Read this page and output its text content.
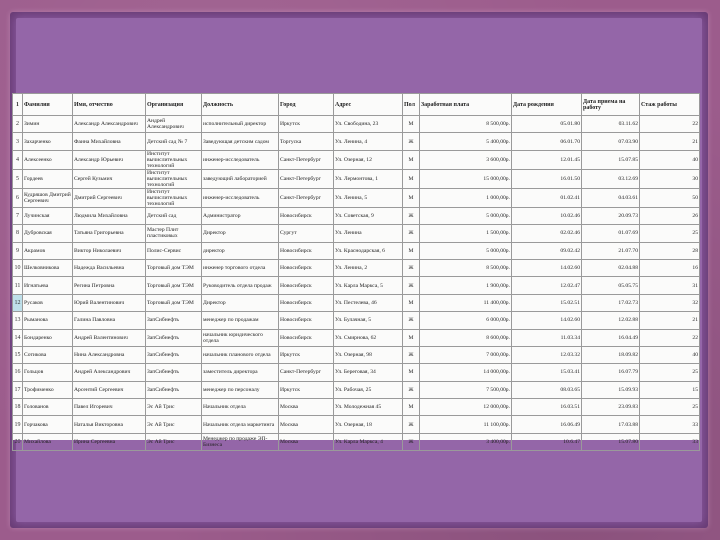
1	Фамилия	Имя, отчество	Организация	Должность	Город	Адрес	Пол	Заработная плата	Дата рождения	Дата приема на работу	Стаж работы
2	Зимин	Александр Александрович	Андрей Александрович	исполнительный директор	Иркутск	Ул. Свободина, 23	М	8 500,00р.	05.01.80	03.11.62	22
3	Захарченко	Фаина Михайловна	Детский сад № 7	Заведующая детским садом	Торгуска	Ул. Ленина, 4	Ж	5 400,00р.	06.01.70	07.03.90	21
4	Алексеенко	Александр Юрьевич	Институт вычислительных технологий	инженер-исследователь	Санкт-Петербург	Ул. Озерная, 12	М	3 600,00р.	12.01.45	15.07.85	40
5	Гордеев	Сергей Кузьмич	Институт вычислительных технологий	заведующий лабораторией	Санкт-Петербург	Ул. Лермонтова, 1	М	15 000,00р.	16.01.50	03.12.69	30
6	Кудряшов Дмитрий Сергеевич	Дмитрий Сергеевич	Институт вычислительных технологий	инженер-исследователь	Санкт-Петербург	Ул. Ленина, 5	М	1 000,00р.	01.02.41	04.03.61	50
7	Лучинская	Людмила Михайловна	Детский сад	Администратор	Новосибирск	Ул. Советская, 9	Ж	5 000,00р.	10.02.46	20.09.73	26
8	Дубровская	Татьяна Григорьевна	Мастер Плит пластиковых	Директор	Сургут	Ул. Ленина	Ж	1 500,00р.	02.02.46	01.07.69	25
9	Акрамов	Виктор Николаевич	Полис-Сервис	директор	Новосибирск	Ул. Краснодарская, 6	М	5 000,00р.	09.02.42	21.07.70	28
10	Шелковникова	Надежда Васильевна	Торговый дом ТЭМ	инженер торгового отдела	Новосибирск	Ул. Ленина, 2	Ж	8 500,00р.	14.02.60	02.04.88	16
11	Игнатьева	Регина Петровна	Торговый дом ТЭМ	Руководитель отдела продаж	Новосибирск	Ул. Карла Маркса, 5	Ж	1 900,00р.	12.02.47	05.05.75	31
12	Русаков	Юрий Валентинович	Торговый дом ТЭМ	Директор	Новосибирск	Ул. Пестелева, 46	М	11 400,00р.	15.02.51	17.02.73	32
13	Рыманова	Галина Павловна	ЗапСибнефть	менеджер по продажам	Новосибирск	Ул. Булачная, 5	Ж	6 000,00р.	14.02.60	12.02.88	21
14	Бондаренко	Андрей Валентинович	ЗапСибнефть	начальник юридического отдела	Новосибирск	Ул. Смирнова, 62	М	8 600,00р.	11.03.34	16.04.49	22
15	Сотикова	Нина Александровна	ЗапСибнефть	начальник планового отдела	Иркутск	Ул. Озерная, 98	Ж	7 000,00р.	12.03.32	18.09.82	40
16	Гольцов	Андрей Александрович	ЗапСибнефть	заместитель директора	Санкт-Петербург	Ул. Береговая, 34	М	14 000,00р.	15.03.41	16.07.79	25
17	Трофименко	Арсентий Сергеевич	ЗапСибнефть	менеджер по персоналу	Иркутск	Ул. Рабочая, 25	Ж	7 500,00р.	08.03.65	15.09.93	15
18	Голованов	Павел Игоревич	Эс Ай Трис	Начальник отдела	Москва	Ул. Молодежная 45	М	12 000,00р.	16.03.51	23.09.83	25
19	Горчакова	Наталья Викторовна	Эс Ай Трис	Начальник отдела маркетинга	Москва	Ул. Озерная, 18	Ж	11 100,00р.	16.06.49	17.03.88	33
20	Михайлова	Ирина Сергеевна	Эс Ай Трис	Менеджер по продаже ЭП-Бизнеса	Москва	Ул. Карла Маркса, 4	Ж	3 400,00р.	10.6.47	15.07.80	33
